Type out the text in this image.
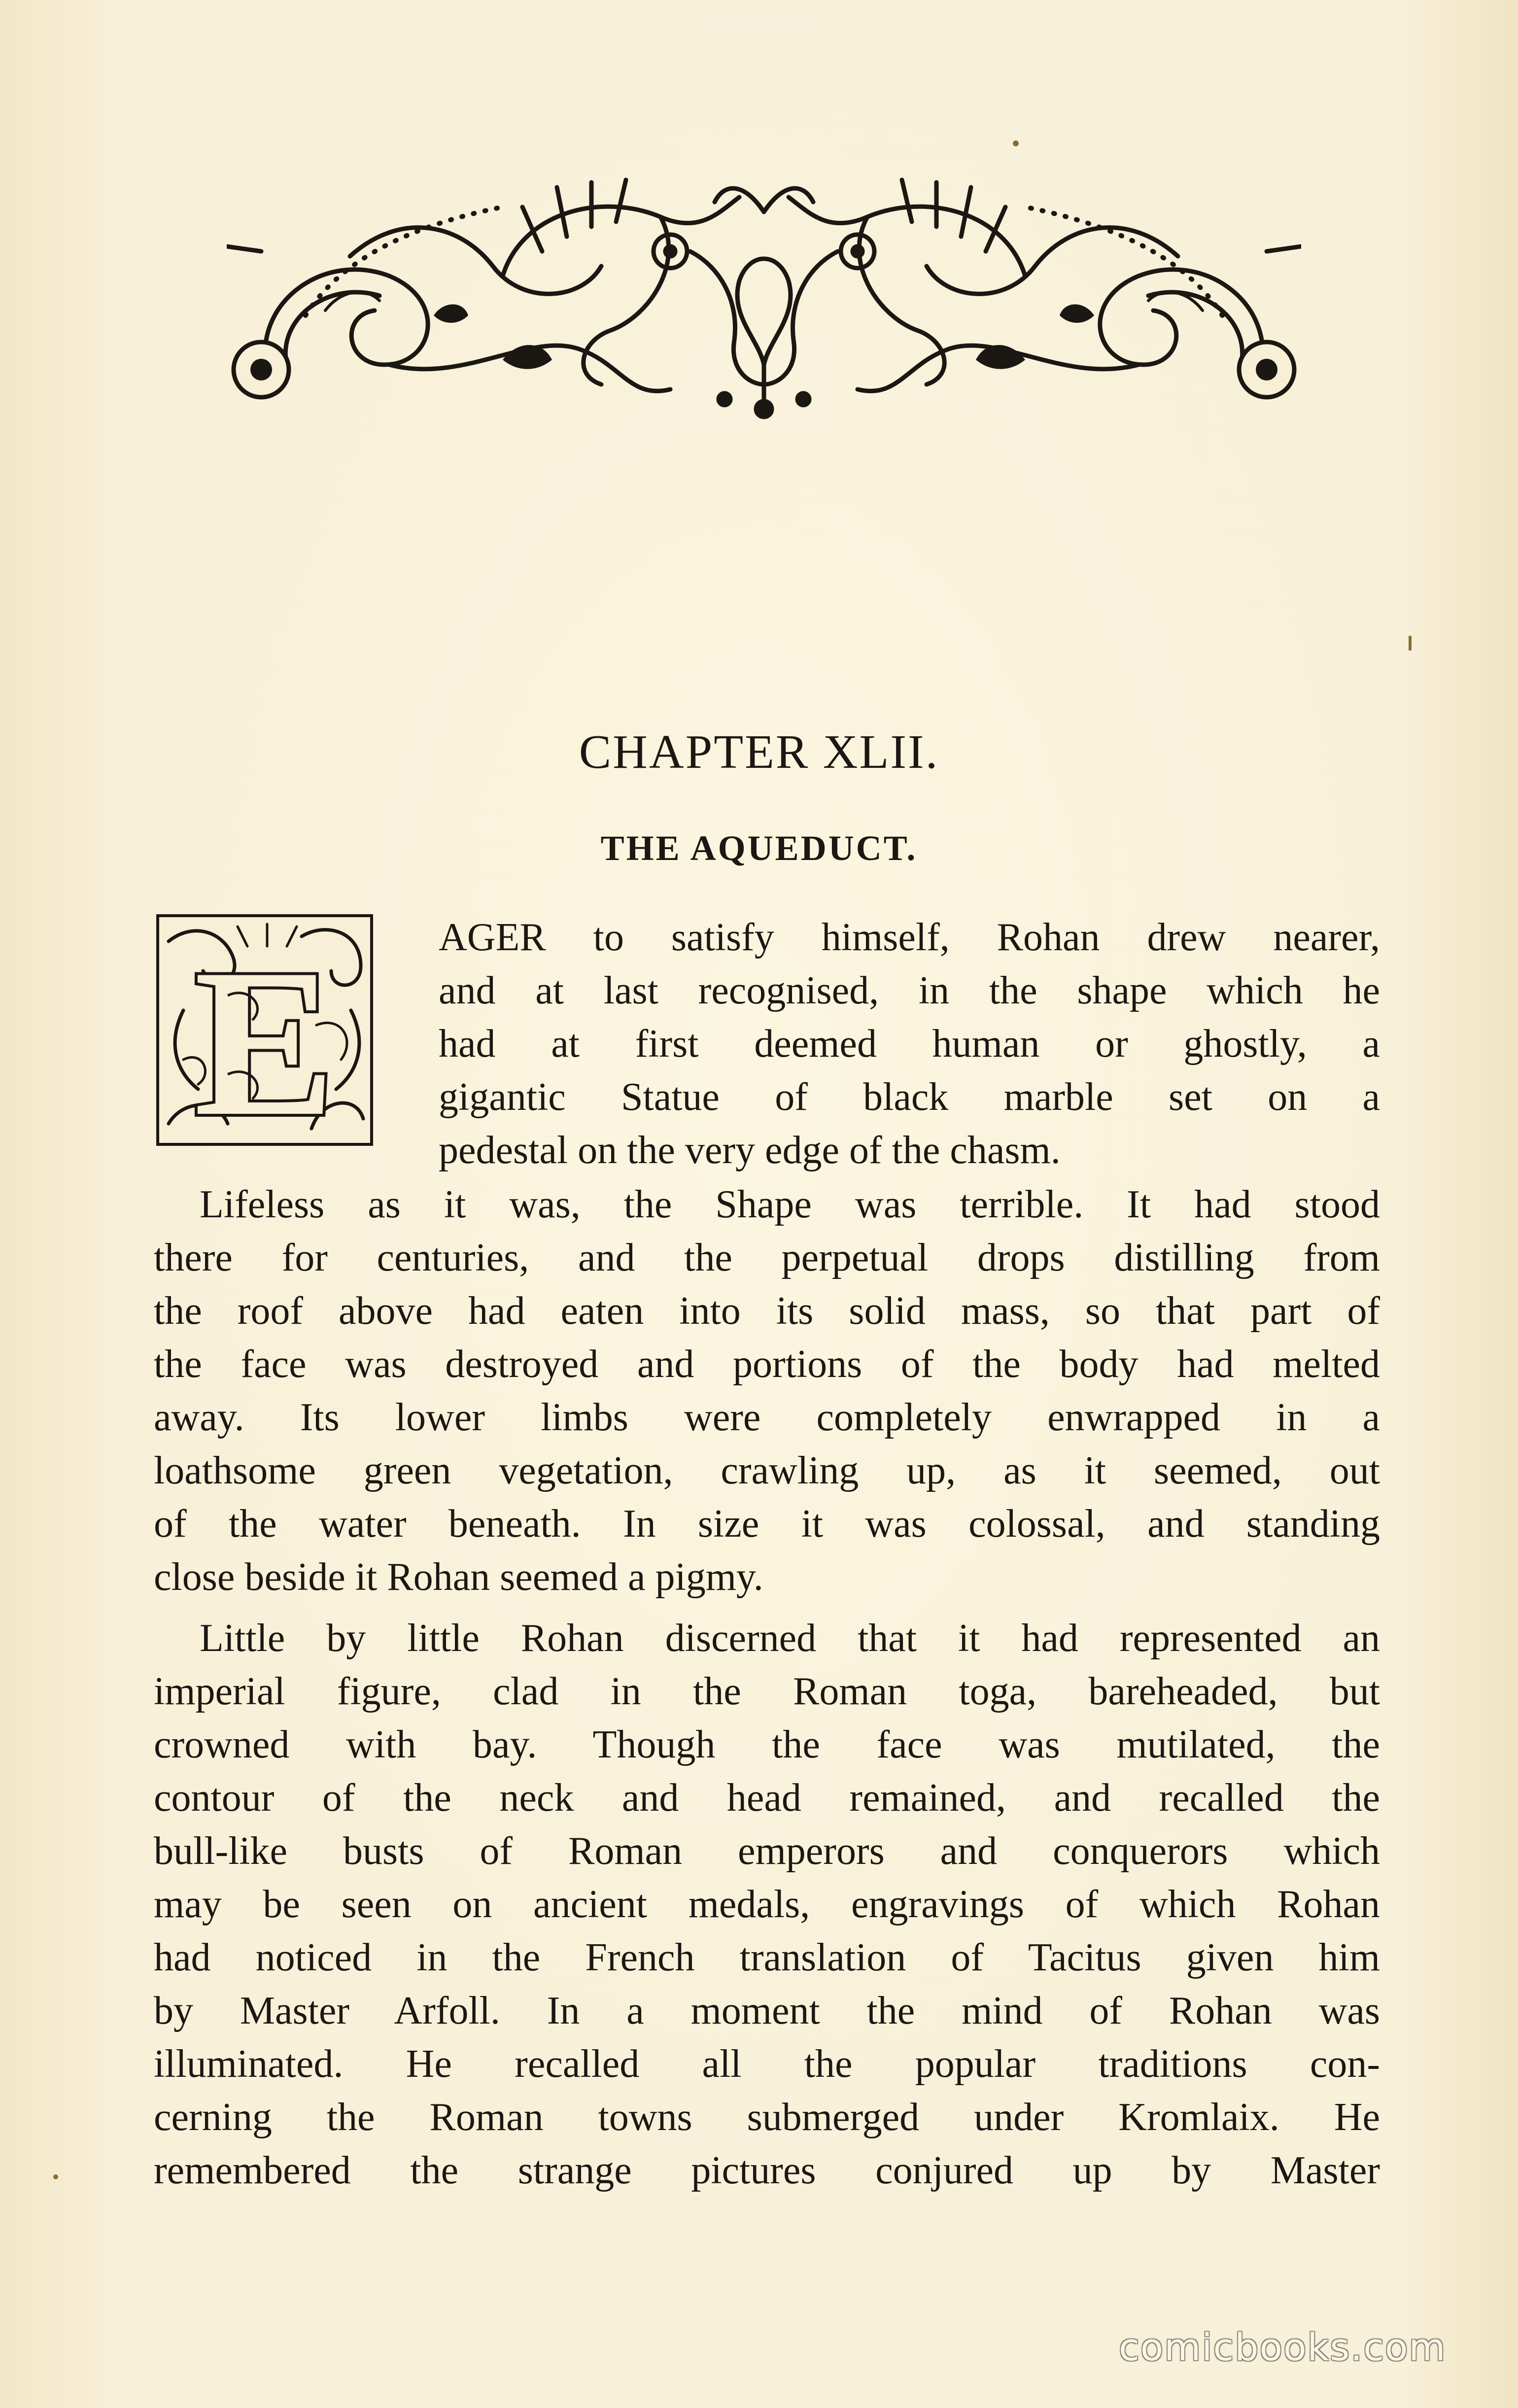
CHAPTER XLII.
THE AQUEDUCT.
E	AGER to satisfy himself, Rohan drew nearer,
and at last recognised, in the shape which he
had at first deemed human or ghostly, a
gigantic Statue of black marble set on a
pedestal on the very edge of the chasm.
Lifeless as it was, the Shape was terrible. It had stood
there for centuries, and the perpetual drops distilling from
the roof above had eaten into its solid mass, so that part of
the face was destroyed and portions of the body had melted
away. Its lower limbs were completely enwrapped in a
loathsome green vegetation, crawling up, as it seemed, out
of the water beneath. In size it was colossal, and standing
close beside it Rohan seemed a pigmy.
Little by little Rohan discerned that it had represented an
imperial figure, clad in the Roman toga, bareheaded, but
crowned with bay. Though the face was mutilated, the
contour of the neck and head remained, and recalled the
bull-like busts of Roman emperors and conquerors which
may be seen on ancient medals, engravings of which Rohan
had noticed in the French translation of Tacitus given him
by Master Arfoll. In a moment the mind of Rohan was
illuminated. He recalled all the popular traditions con-
cerning the Roman towns submerged under Kromlaix. He
remembered the strange pictures conjured up by Master
comicbooks.com
